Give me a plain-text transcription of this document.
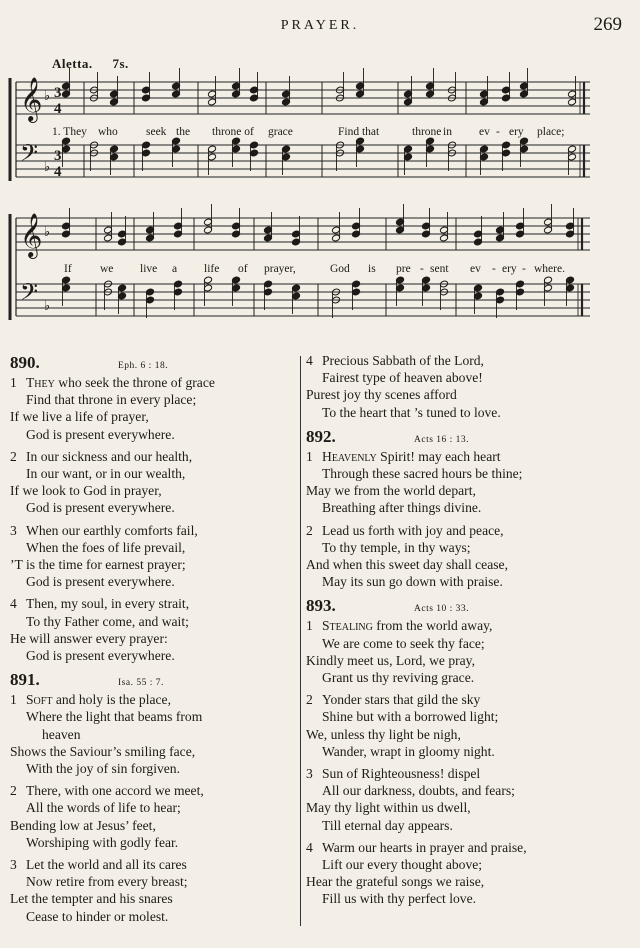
PRAYER.	269
Aletta. 7s.
𝄞 ♭ 3
4
𝄢 ♭
3
4
𝄞 ♭
𝄢 ♭
1. They who seek the throne of grace	Find that	throne in ev - ery place;
If we live a life of prayer,	God is pre - sent ev - ery - where.
890.	Eph. 6 : 18.
1 They who seek the throne of grace
Find that throne in every place;
If we live a life of prayer,
God is present everywhere.
2 In our sickness and our health,
In our want, or in our wealth,
If we look to God in prayer,
God is present everywhere.
3 When our earthly comforts fail,
When the foes of life prevail,
’T is the time for earnest prayer;
God is present everywhere.
4 Then, my soul, in every strait,
To thy Father come, and wait;
He will answer every prayer:
God is present everywhere.
891.	Isa. 55 : 7.
1 Soft and holy is the place,
Where the light that beams from
heaven
Shows the Saviour’s smiling face,
With the joy of sin forgiven.
2 There, with one accord we meet,
All the words of life to hear;
Bending low at Jesus’ feet,
Worshiping with godly fear.
3 Let the world and all its cares
Now retire from every breast;
Let the tempter and his snares
Cease to hinder or molest.
4 Precious Sabbath of the Lord,
Fairest type of heaven above!
Purest joy thy scenes afford
To the heart that ’s tuned to love.
892.	Acts 16 : 13.
1 Heavenly Spirit! may each heart
Through these sacred hours be thine;
May we from the world depart,
Breathing after things divine.
2 Lead us forth with joy and peace,
To thy temple, in thy ways;
And when this sweet day shall cease,
May its sun go down with praise.
893.	Acts 10 : 33.
1 Stealing from the world away,
We are come to seek thy face;
Kindly meet us, Lord, we pray,
Grant us thy reviving grace.
2 Yonder stars that gild the sky
Shine but with a borrowed light;
We, unless thy light be nigh,
Wander, wrapt in gloomy night.
3 Sun of Righteousness! dispel
All our darkness, doubts, and fears;
May thy light within us dwell,
Till eternal day appears.
4 Warm our hearts in prayer and praise,
Lift our every thought above;
Hear the grateful songs we raise,
Fill us with thy perfect love.
